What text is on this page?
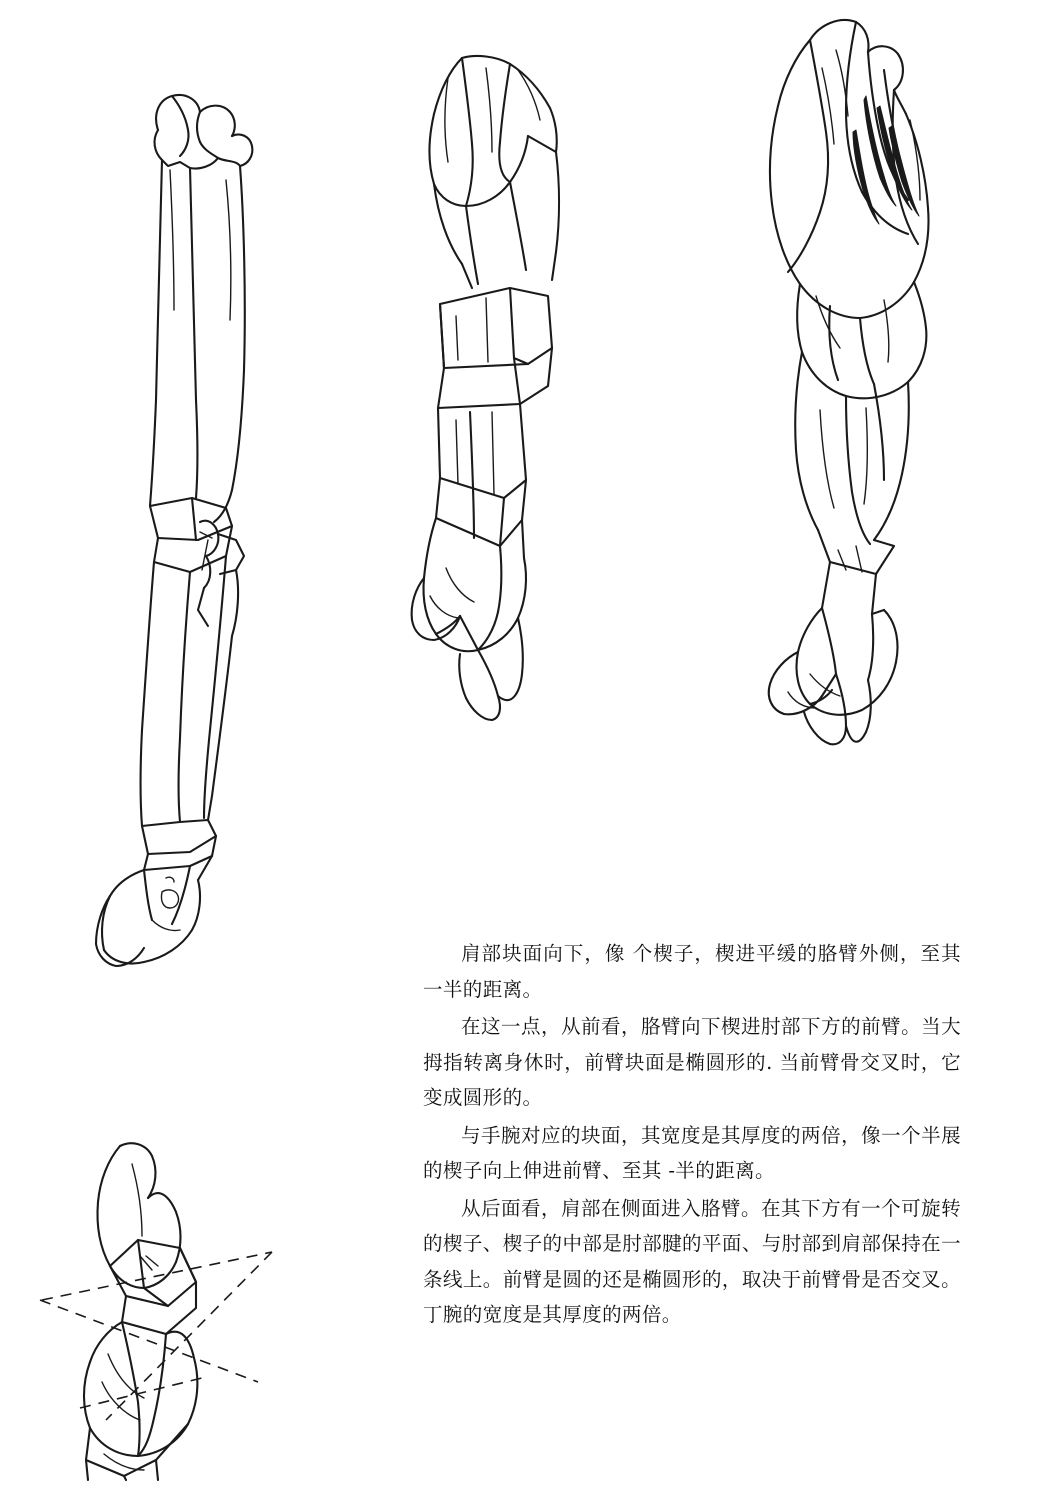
肩部块面向下，像 个楔子，楔进平缓的胳臂外侧，至其 一半的距离。

在这一点，从前看，胳臂向下楔进肘部下方的前臂。当大拇指转离身休时，前臂块面是椭圆形的. 当前臂骨交叉时，它变成圆形的。

与手腕对应的块面，其宽度是其厚度的两倍，像一个半展的楔子向上伸进前臂、至其 -半的距离。

从后面看，肩部在侧面进入胳臂。在其下方有一个可旋转的楔子、楔子的中部是肘部腱的平面、与肘部到肩部保持在一条线上。前臂是圆的还是椭圆形的，取决于前臂骨是否交叉。 丁腕的宽度是其厚度的两倍。
